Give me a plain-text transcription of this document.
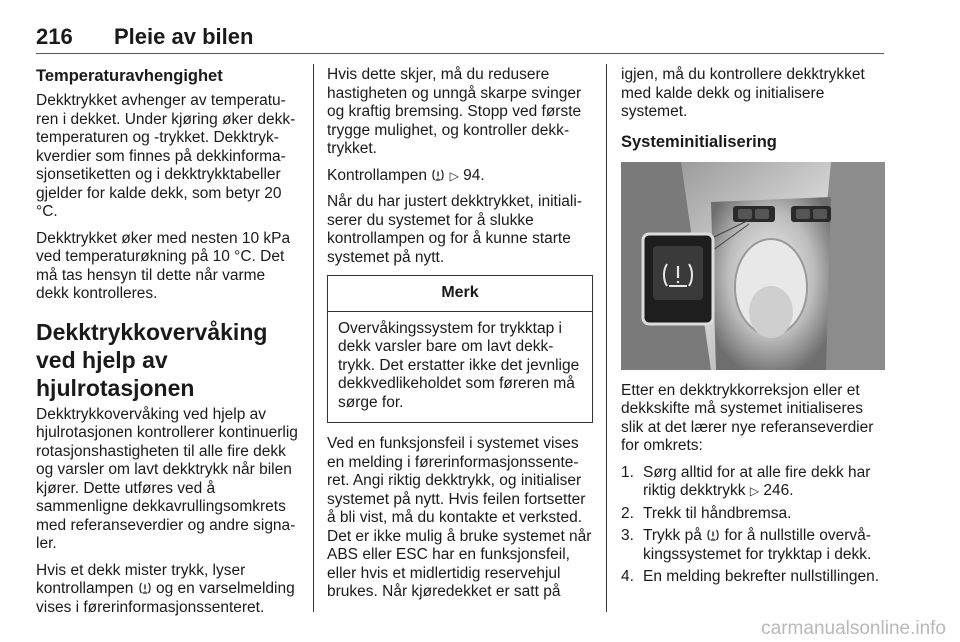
216 Pleie av bilen
Temperaturavhengighet

Dekktrykket avhenger av temperaturen i dekket. Under kjøring øker dekktemperaturen og -trykket. Dekktrykkverdier som finnes på dekkinformasjonsetiketten og i dekktrykktabeller gjelder for kalde dekk, som betyr 20 °C.

Dekktrykket øker med nesten 10 kPa ved temperaturøkning på 10 °C. Det må tas hensyn til dette når varme dekk kontrolleres.

Dekktrykkovervåking ved hjelp av hjulrotasjonen

Dekktrykkovervåking ved hjelp av hjulrotasjonen kontrollerer kontinuerlig rotasjonshastigheten til alle fire dekk og varsler om lavt dekktrykk når bilen kjører. Dette utføres ved å sammenligne dekkavrullingsomkrets med referanseverdier og andre signaler.

Hvis et dekk mister trykk, lyser kontrollampen og en varselmelding vises i førerinformasjonssenteret.

Hvis dette skjer, må du redusere hastigheten og unngå skarpe svinger og kraftig bremsing. Stopp ved første trygge mulighet, og kontroller dekktrykket.

Kontrollampen ▷ 94.

Når du har justert dekktrykket, initialiserer du systemet for å slukke kontrollampen og for å kunne starte systemet på nytt.

Merk
Overvåkingssystem for trykktap i dekk varsler bare om lavt dekktrykk. Det erstatter ikke det jevnlige dekkvedlikeholdet som føreren må sørge for.

Ved en funksjonsfeil i systemet vises en melding i førerinformasjonssenteret. Angi riktig dekktrykk, og initialiser systemet på nytt. Hvis feilen fortsetter å bli vist, må du kontakte et verksted. Det er ikke mulig å bruke systemet når ABS eller ESC har en funksjonsfeil, eller hvis et midlertidig reservehjul brukes. Når kjøredekket er satt på

igjen, må du kontrollere dekktrykket med kalde dekk og initialisere systemet.

Systeminitialisering

Etter en dekktrykkorreksjon eller et dekkskifte må systemet initialiseres slik at det lærer nye referanseverdier for omkrets:

1. Sørg alltid for at alle fire dekk har riktig dekktrykk ▷ 246.
2. Trekk til håndbremsa.
3. Trykk på for å nullstille overvåkingssystemet for trykktap i dekk.
4. En melding bekrefter nullstillingen.
carmanualsonline.info
